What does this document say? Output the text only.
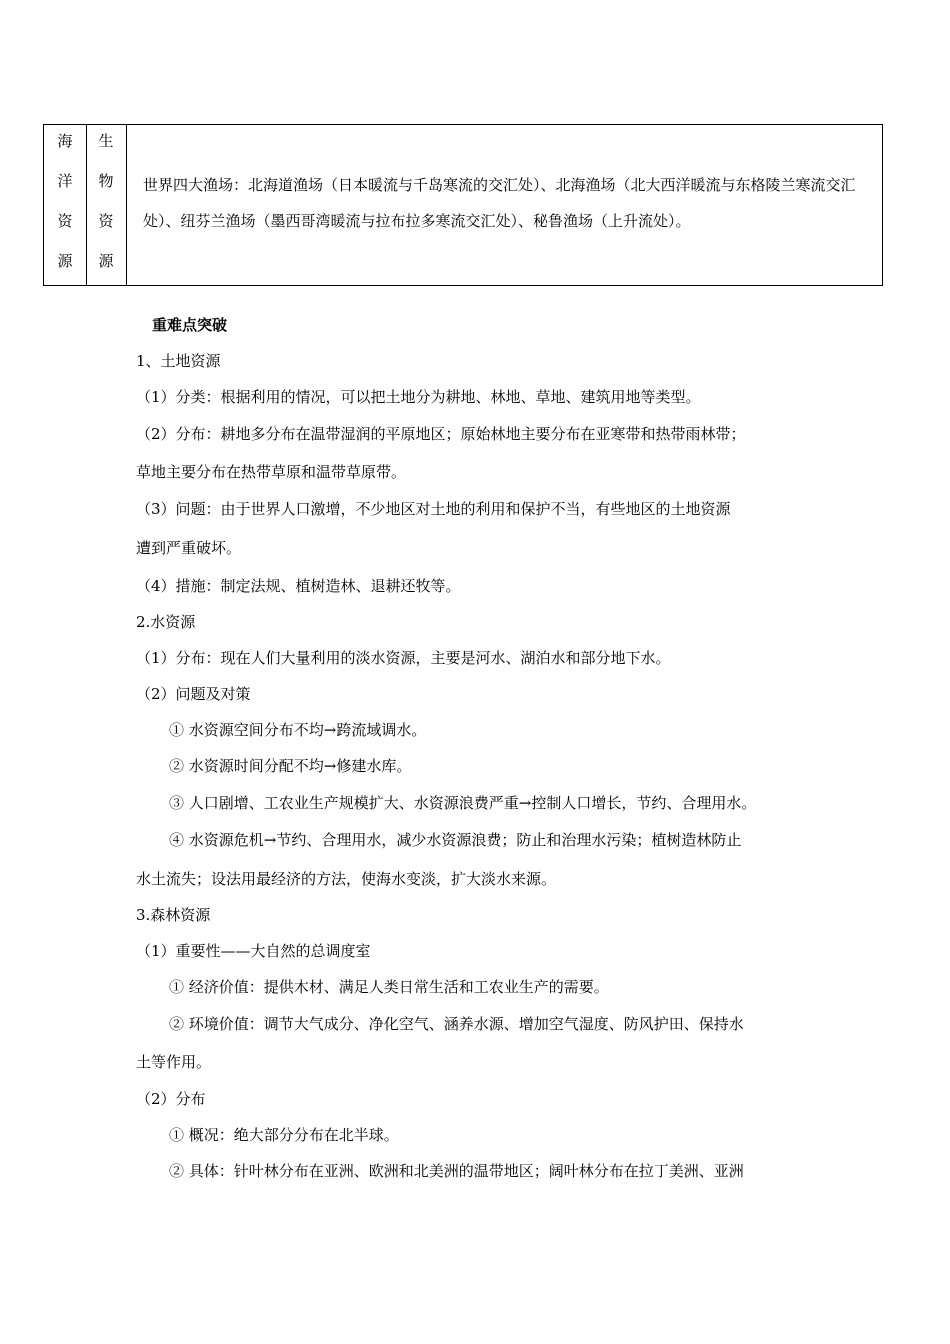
海
洋
资
源
生
物
资
源
世界四大渔场：北海道渔场（日本暖流与千岛寒流的交汇处）、北海渔场（北大西洋暖流与东格陵兰寒流交汇处）、纽芬兰渔场（墨西哥湾暖流与拉布拉多寒流交汇处）、秘鲁渔场（上升流处）。
重难点突破
1、土地资源
（1）分类：根据利用的情况，可以把土地分为耕地、林地、草地、建筑用地等类型。
（2）分布：耕地多分布在温带湿润的平原地区；原始林地主要分布在亚寒带和热带雨林带；
草地主要分布在热带草原和温带草原带。
（3）问题：由于世界人口激增，不少地区对土地的利用和保护不当，有些地区的土地资源
遭到严重破坏。
（4）措施：制定法规、植树造林、退耕还牧等。
2.水资源
（1）分布：现在人们大量利用的淡水资源，主要是河水、湖泊水和部分地下水。
（2）问题及对策
① 水资源空间分布不均→跨流域调水。
② 水资源时间分配不均→修建水库。
③ 人口剧增、工农业生产规模扩大、水资源浪费严重→控制人口增长，节约、合理用水。
④ 水资源危机→节约、合理用水，减少水资源浪费；防止和治理水污染；植树造林防止
水土流失；设法用最经济的方法，使海水变淡，扩大淡水来源。
3.森林资源
（1）重要性——大自然的总调度室
① 经济价值：提供木材、满足人类日常生活和工农业生产的需要。
② 环境价值：调节大气成分、净化空气、涵养水源、增加空气湿度、防风护田、保持水
土等作用。
（2）分布
① 概况：绝大部分分布在北半球。
② 具体：针叶林分布在亚洲、欧洲和北美洲的温带地区；阔叶林分布在拉丁美洲、亚洲
